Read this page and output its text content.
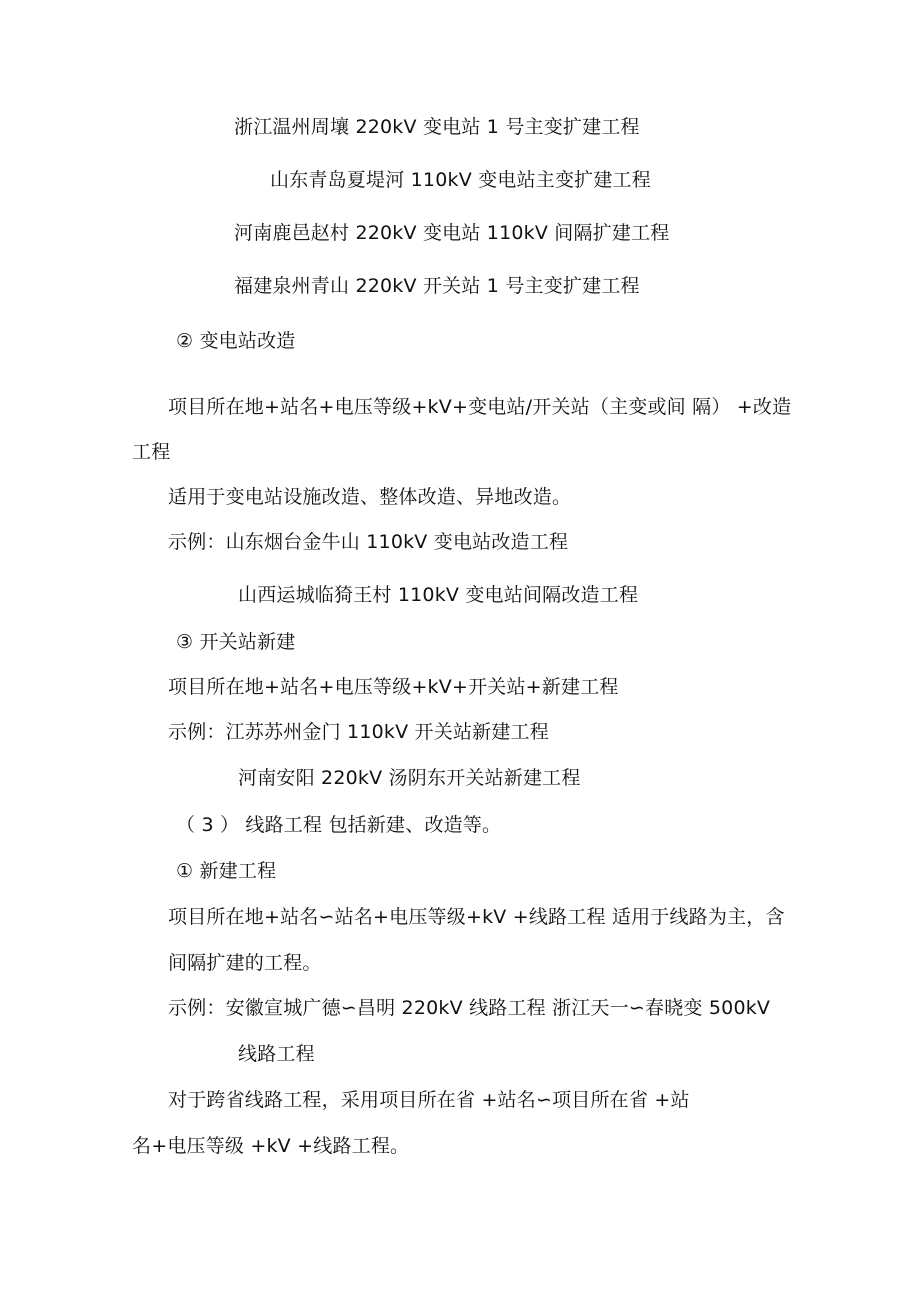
浙江温州周壤 220kV 变电站 1 号主变扩建工程
山东青岛夏堤河 110kV 变电站主变扩建工程
河南鹿邑赵村 220kV 变电站 110kV 间隔扩建工程
福建泉州青山 220kV 开关站 1 号主变扩建工程
② 变电站改造
项目所在地+站名+电压等级+kV+变电站/开关站（主变或间 隔） +改造
工程
适用于变电站设施改造、整体改造、异地改造。
示例：山东烟台金牛山 110kV 变电站改造工程
山西运城临猗王村 110kV 变电站间隔改造工程
③ 开关站新建
项目所在地+站名+电压等级+kV+开关站+新建工程
示例：江苏苏州金门 110kV 开关站新建工程
河南安阳 220kV 汤阴东开关站新建工程
（ 3 ） 线路工程 包括新建、改造等。
① 新建工程
项目所在地+站名∽站名+电压等级+kV +线路工程 适用于线路为主，含
间隔扩建的工程。
示例：安徽宣城广德∽昌明 220kV 线路工程 浙江天一∽春晓变 500kV
线路工程
对于跨省线路工程，采用项目所在省 +站名∽项目所在省 +站
名+电压等级 +kV +线路工程。
